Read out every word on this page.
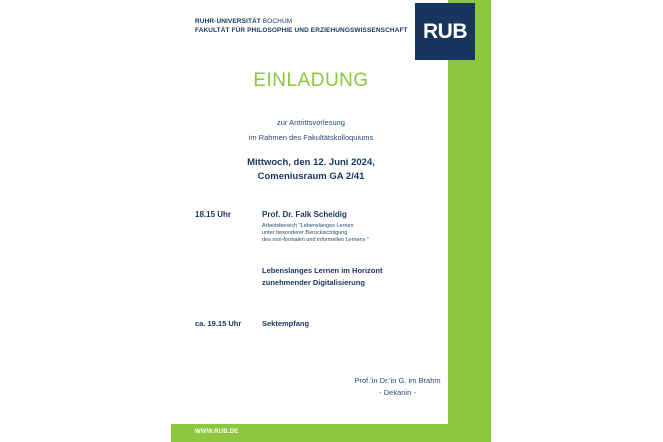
RUB
RUHR-UNIVERSITÄT BOCHUM
FAKULTÄT FÜR PHILOSOPHIE UND ERZIEHUNGSWISSENSCHAFT
EINLADUNG
zur Antrittsvorlesung
im Rahmen des Fakultätskolloquiums
Mittwoch, den 12. Juni 2024,
Comeniusraum GA 2/41
18.15 Uhr	Prof. Dr. Falk Scheidig
Arbeitsbereich "Lebenslanges Lernen
unter besonderer Berücksichtigung
des non-formalen und informellen Lernens "
Lebenslanges Lernen im Horizont
zunehmender Digitalisierung
ca. 19.15 Uhr	Sektempfang
Prof.'in Dr.'in G. im Brahm
- Dekanin -
WWW.RUB.DE
